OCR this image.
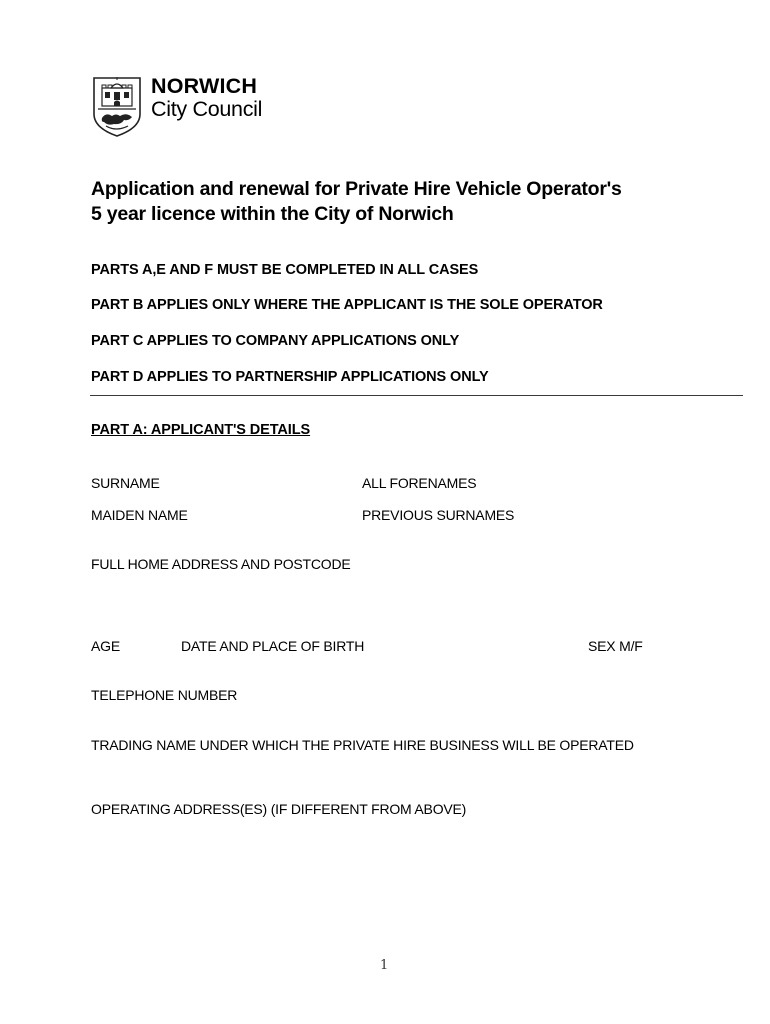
NORWICH
City Council
Application and renewal for Private Hire Vehicle Operator's
5 year licence within the City of Norwich
PARTS A,E AND F MUST BE COMPLETED IN ALL CASES
PART B APPLIES ONLY WHERE THE APPLICANT IS THE SOLE OPERATOR
PART C APPLIES TO COMPANY APPLICATIONS ONLY
PART D APPLIES TO PARTNERSHIP APPLICATIONS ONLY
PART A: APPLICANT'S DETAILS
SURNAME	ALL FORENAMES
MAIDEN NAME	PREVIOUS SURNAMES
FULL HOME ADDRESS AND POSTCODE
AGE	DATE AND PLACE OF BIRTH	SEX M/F
TELEPHONE NUMBER
TRADING NAME UNDER WHICH THE PRIVATE HIRE BUSINESS WILL BE OPERATED
OPERATING ADDRESS(ES) (IF DIFFERENT FROM ABOVE)
1
